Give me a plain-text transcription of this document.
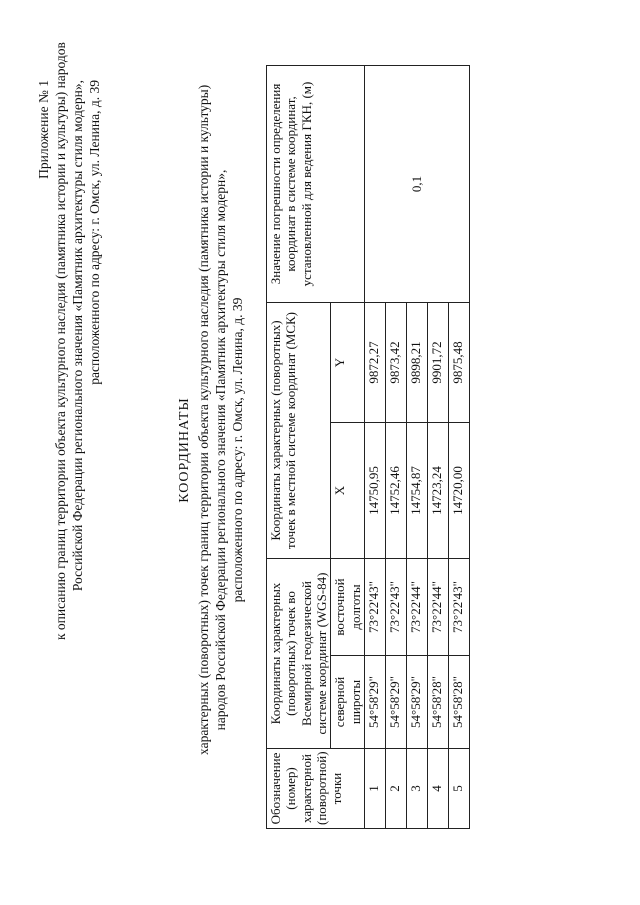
Приложение № 1 к описанию границ территории объекта культурного наследия (памятника истории и культуры) народов Российской Федерации регионального значения «Памятник архитектуры стиля модерн», расположенного по адресу: г. Омск, ул. Ленина, д. 39
КООРДИНАТЫ характерных (поворотных) точек границ территории объекта культурного наследия (памятника истории и культуры) народов Российской Федерации регионального значения «Памятник архитектуры стиля модерн», расположенного по адресу: г. Омск, ул. Ленина, д. 39
Обозначение (номер) характерной (поворотной) точки	Координаты характерных (поворотных) точек во Всемирной геодезической системе координат (WGS-84)		Координаты характерных (поворотных) точек в местной системе координат (МСК)		Значение погрешности определения координат в системе координат, установленной для ведения ГКН, (м)
	северной широты	восточной долготы	X	Y	
1	54°58'29"	73°22'43"	14750,95	9872,27	0,1
2	54°58'29"	73°22'43"	14752,46	9873,42	
3	54°58'29"	73°22'44"	14754,87	9898,21	
4	54°58'28"	73°22'44"	14723,24	9901,72	
5	54°58'28"	73°22'43"	14720,00	9875,48	
